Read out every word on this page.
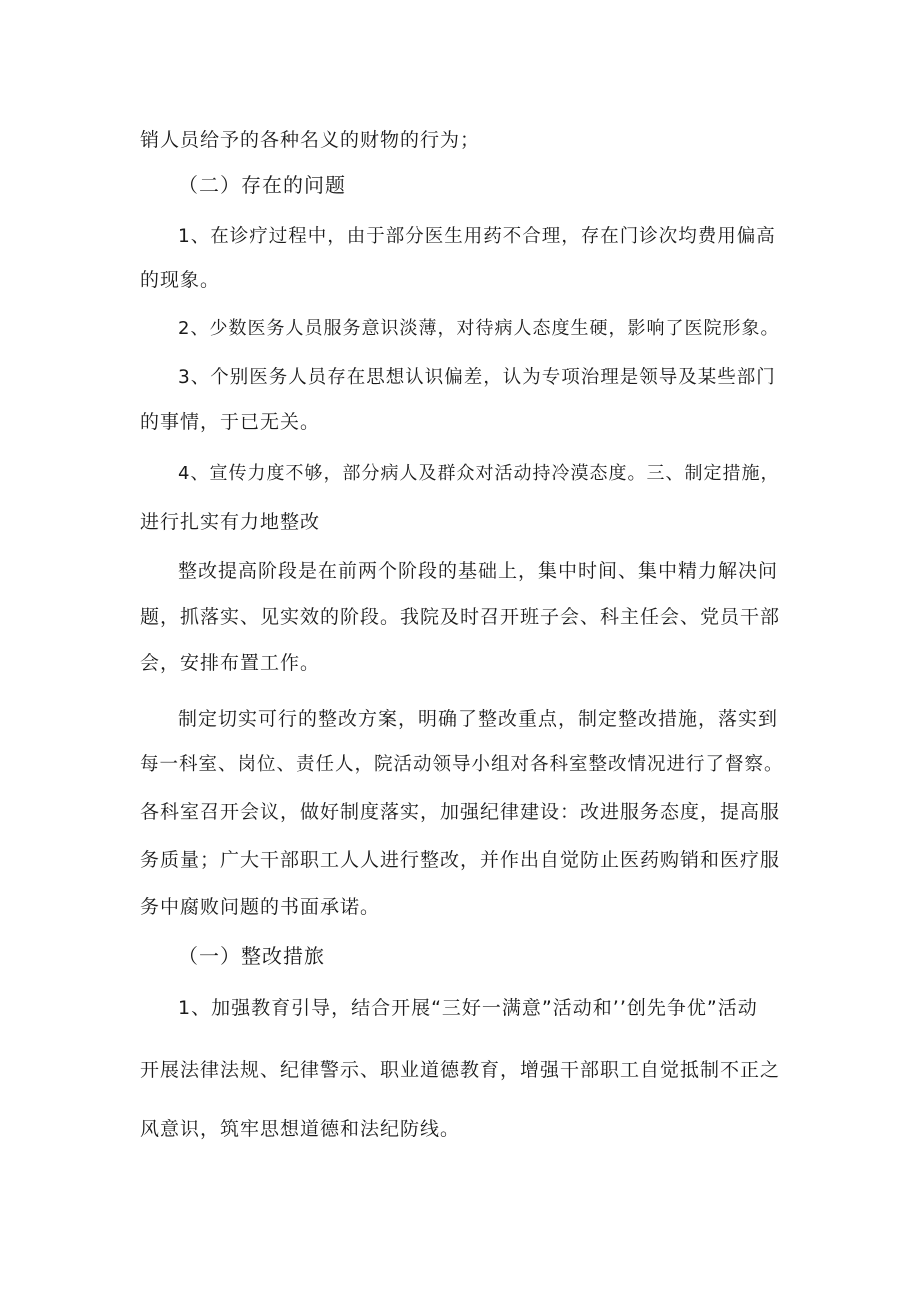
销人员给予的各种名义的财物的行为；
（二）存在的问题
1、在诊疗过程中，由于部分医生用药不合理，存在门诊次均费用偏高
的现象。
2、少数医务人员服务意识淡薄，对待病人态度生硬，影响了医院形象。
3、个别医务人员存在思想认识偏差，认为专项治理是领导及某些部门
的事情，于已无关。
4、宣传力度不够，部分病人及群众对活动持冷漠态度。三、制定措施，
进行扎实有力地整改
整改提高阶段是在前两个阶段的基础上，集中时间、集中精力解决问
题，抓落实、见实效的阶段。我院及时召开班子会、科主任会、党员干部
会，安排布置工作。
制定切实可行的整改方案，明确了整改重点，制定整改措施，落实到
每一科室、岗位、责任人，院活动领导小组对各科室整改情况进行了督察。
各科室召开会议，做好制度落实，加强纪律建设：改进服务态度，提高服
务质量；广大干部职工人人进行整改，并作出自觉防止医药购销和医疗服
务中腐败问题的书面承诺。
（一）整改措旅
1、加强教育引导，结合开展“三好一满意”活动和’’创先争优”活动
开展法律法规、纪律警示、职业道德教育，增强干部职工自觉抵制不正之
风意识，筑牢思想道德和法纪防线。
